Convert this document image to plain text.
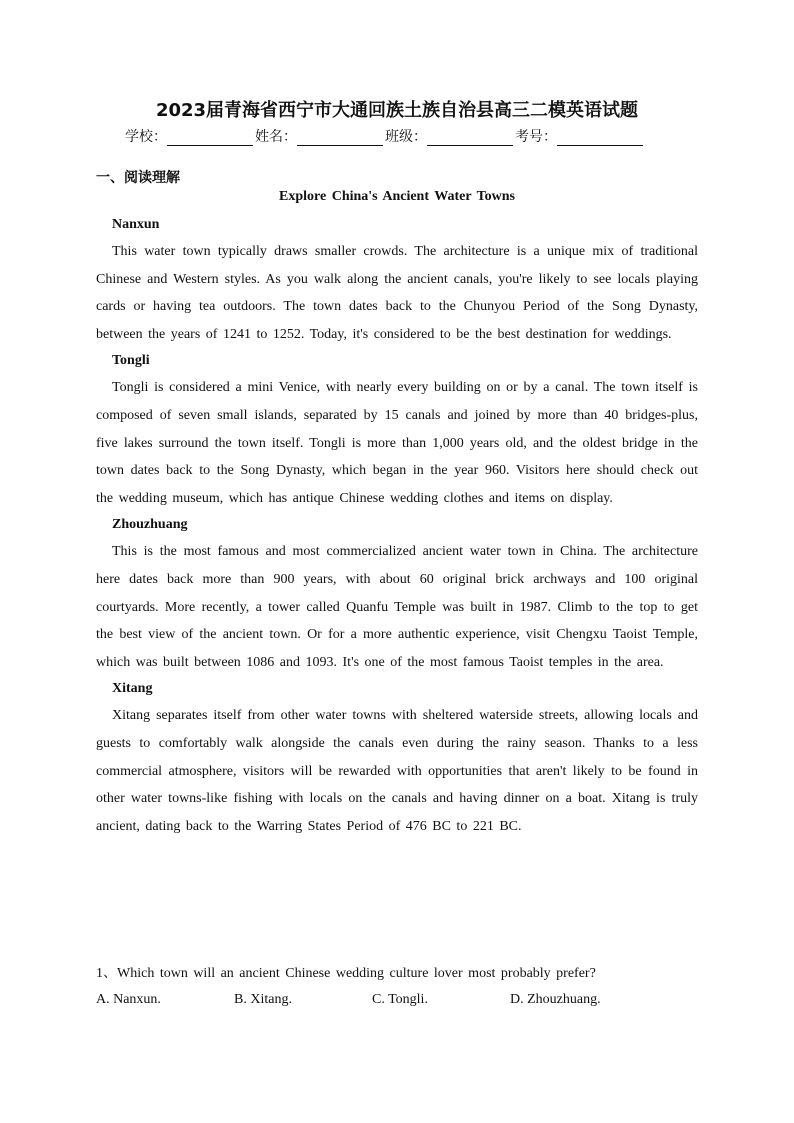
2023届青海省西宁市大通回族土族自治县高三二模英语试题
学校：	姓名：	班级：	考号：
一、阅读理解
Explore China's Ancient Water Towns
Nanxun

This water town typically draws smaller crowds. The architecture is a unique mix of traditional Chinese and Western styles. As you walk along the ancient canals, you're likely to see locals playing cards or having tea outdoors. The town dates back to the Chunyou Period of the Song Dynasty, between the years of 1241 to 1252. Today, it's considered to be the best destination for weddings.

Tongli

Tongli is considered a mini Venice, with nearly every building on or by a canal. The town itself is composed of seven small islands, separated by 15 canals and joined by more than 40 bridges-plus, five lakes surround the town itself. Tongli is more than 1,000 years old, and the oldest bridge in the town dates back to the Song Dynasty, which began in the year 960. Visitors here should check out the wedding museum, which has antique Chinese wedding clothes and items on display.

Zhouzhuang

This is the most famous and most commercialized ancient water town in China. The architecture here dates back more than 900 years, with about 60 original brick archways and 100 original courtyards. More recently, a tower called Quanfu Temple was built in 1987. Climb to the top to get the best view of the ancient town. Or for a more authentic experience, visit Chengxu Taoist Temple, which was built between 1086 and 1093. It's one of the most famous Taoist temples in the area.

Xitang

Xitang separates itself from other water towns with sheltered waterside streets, allowing locals and guests to comfortably walk alongside the canals even during the rainy season. Thanks to a less commercial atmosphere, visitors will be rewarded with opportunities that aren't likely to be found in other water towns-like fishing with locals on the canals and having dinner on a boat. Xitang is truly ancient, dating back to the Warring States Period of 476 BC to 221 BC.

1、Which town will an ancient Chinese wedding culture lover most probably prefer?
A. Nanxun.	B. Xitang.	C. Tongli.	D. Zhouzhuang.
